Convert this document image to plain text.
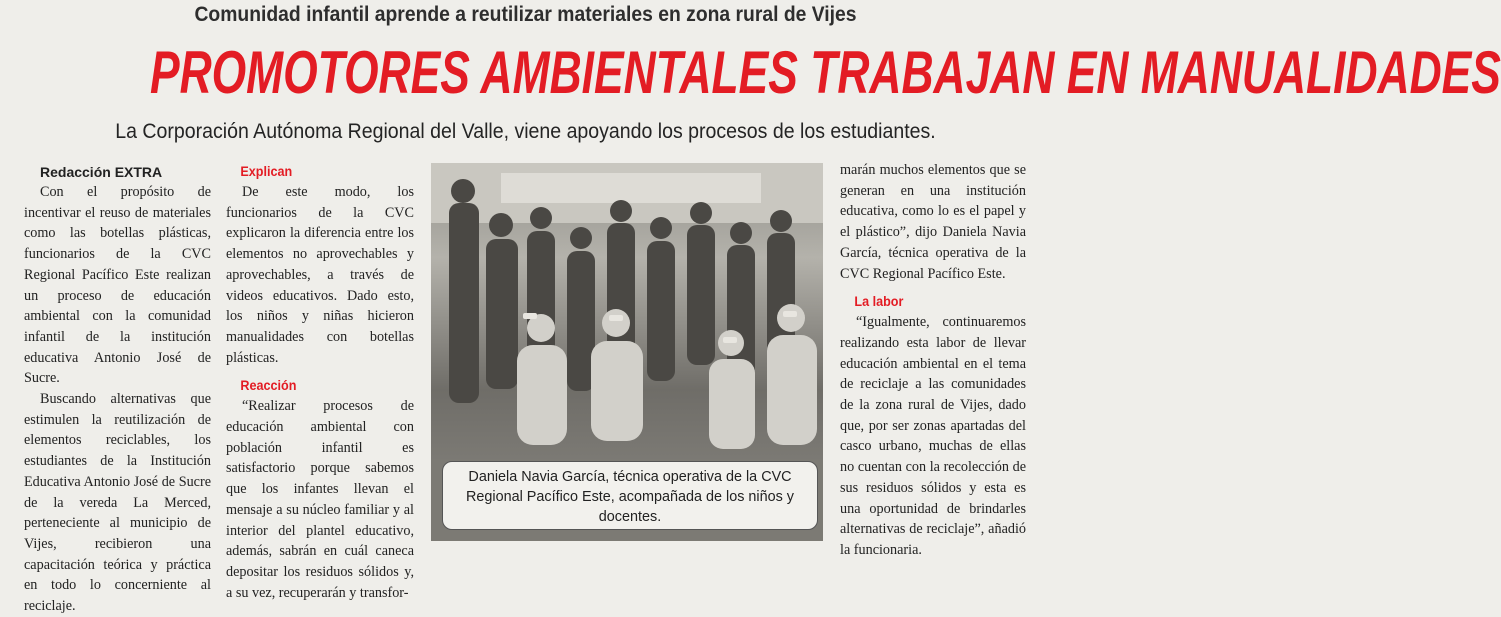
Comunidad infantil aprende a reutilizar materiales en zona rural de Vijes
PROMOTORES AMBIENTALES TRABAJAN EN MANUALIDADES
La Corporación Autónoma Regional del Valle, viene apoyando los procesos de los estudiantes.

Redacción EXTRA

Con el propósito de incentivar el reuso de materiales como las botellas plásticas, funcionarios de la CVC Regional Pacífico Este realizan un proceso de educación ambiental con la comunidad infantil de la institución educativa Antonio José de Sucre.

Buscando alternativas que estimulen la reutilización de elementos reciclables, los estudiantes de la Institución Educativa Antonio José de Sucre de la vereda La Merced, perteneciente al municipio de Vijes, recibieron una capacitación teórica y práctica en todo lo concerniente al reciclaje.

Explican

De este modo, los funcionarios de la CVC explicaron la diferencia entre los elementos no aprovechables y aprovechables, a través de videos educativos. Dado esto, los niños y niñas hicieron manualidades con botellas plásticas.

Reacción

“Realizar procesos de educación ambiental con población infantil es satisfactorio porque sabemos que los infantes llevan el mensaje a su núcleo familiar y al interior del plantel educativo, además, sabrán en cuál caneca depositar los residuos sólidos y, a su vez, recuperarán y transfor-

Daniela Navia García, técnica operativa de la CVC Regional Pacífico Este, acompañada de los niños y docentes.

marán muchos elementos que se generan en una institución educativa, como lo es el papel y el plástico”, dijo Daniela Navia García, técnica operativa de la CVC Regional Pacífico Este.

La labor

“Igualmente, continuaremos realizando esta labor de llevar educación ambiental en el tema de reciclaje a las comunidades de la zona rural de Vijes, dado que, por ser zonas apartadas del casco urbano, muchas de ellas no cuentan con la recolección de sus residuos sólidos y esta es una oportunidad de brindarles alternativas de reciclaje”, añadió la funcionaria.
